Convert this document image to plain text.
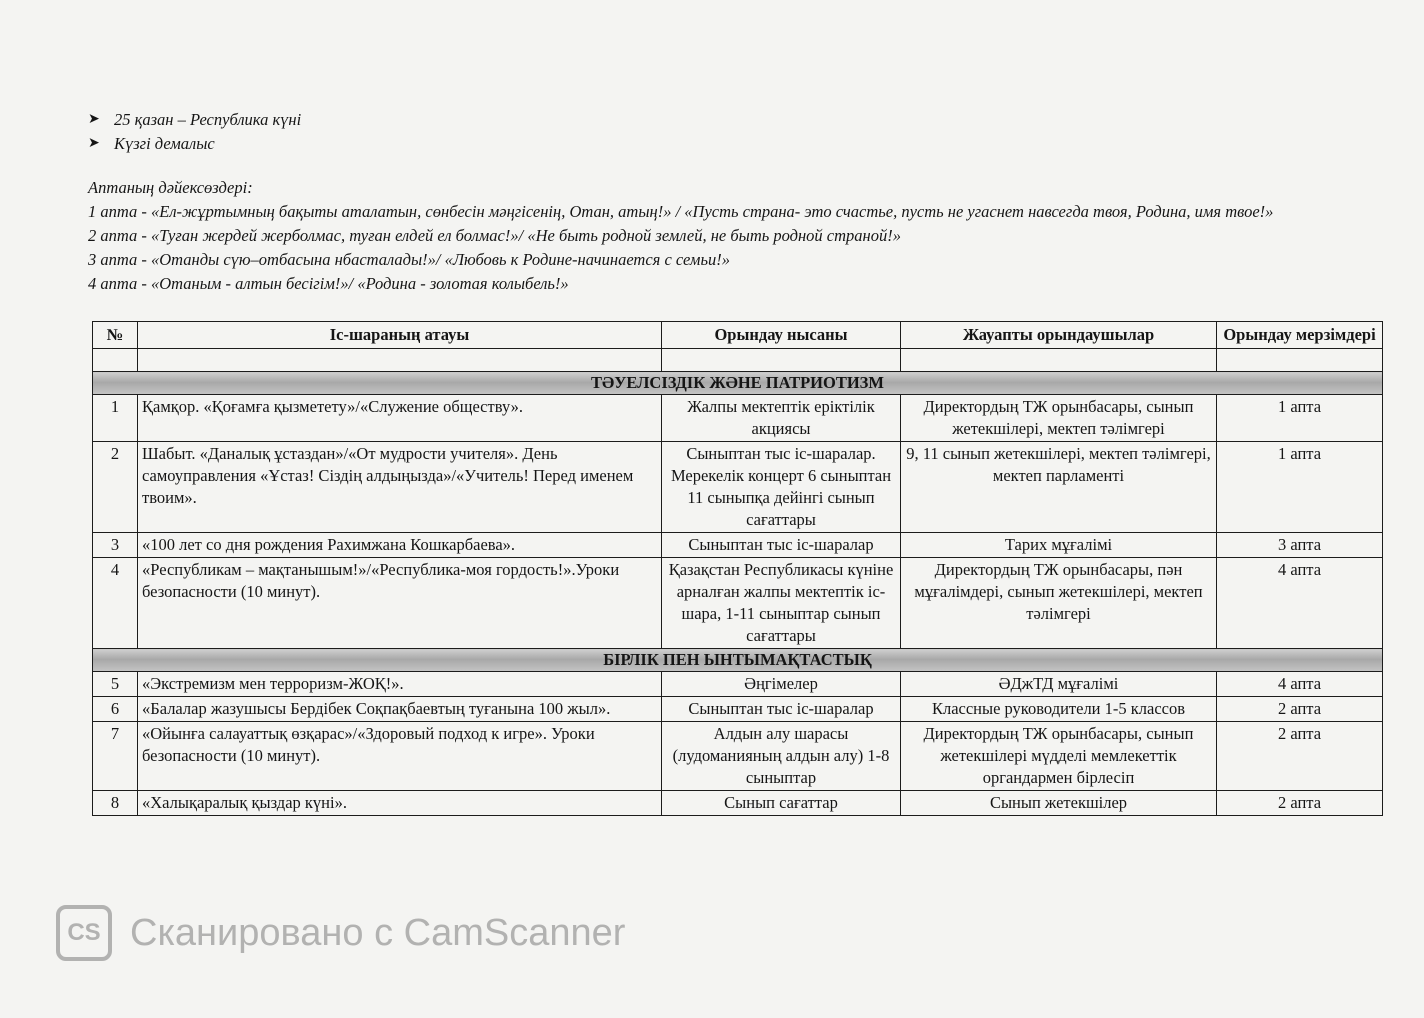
➤ 25 қазан – Республика күні
➤ Күзгі демалыс
Аптаның дәйексөздері:
1 апта - «Ел-жұртымның бақыты аталатын, сөнбесін мәңгісенің, Отан, атың!» / «Пусть страна- это счастье, пусть не угаснет навсегда твоя, Родина, имя твое!»
2 апта - «Туған жердей жерболмас, туған елдей ел болмас!»/ «Не быть родной землей, не быть родной страной!»
3 апта - «Отанды сүю–отбасына нбасталады!»/ «Любовь к Родине-начинается с семьи!»
4 апта - «Отаным - алтын бесігім!»/ «Родина - золотая колыбель!»
№	Іс-шараның атауы	Орындау нысаны	Жауапты орындаушылар	Орындау мерзімдері

ТӘУЕЛСІЗДІК ЖӘНЕ ПАТРИОТИЗМ				
1	Қамқор. «Қоғамға қызметету»/«Служение обществу».	Жалпы мектептік еріктілік акциясы	Директордың ТЖ орынбасары, сынып жетекшілері, мектеп тәлімгері	1 апта
2	Шабыт. «Даналық ұстаздан»/«От мудрости учителя». День самоуправления «Ұстаз! Сіздің алдыңызда»/«Учитель! Перед именем твоим».	Сыныптан тыс іс-шаралар. Мерекелік концерт 6 сыныптан 11 сыныпқа дейінгі сынып сағаттары	9, 11 сынып жетекшілері, мектеп тәлімгері, мектеп парламенті	1 апта
3	«100 лет со дня рождения Рахимжана Кошкарбаева».	Сыныптан тыс іс-шаралар	Тарих мұғалімі	3 апта
4	«Республикам – мақтанышым!»/«Республика-моя гордость!».Уроки безопасности (10 минут).	Қазақстан Республикасы күніне арналған жалпы мектептік іс-шара, 1-11 сыныптар сынып сағаттары	Директордың ТЖ орынбасары, пән мұғалімдері, сынып жетекшілері, мектеп тәлімгері	4 апта
БІРЛІК ПЕН ЫНТЫМАҚТАСТЫҚ				
5	«Экстремизм мен терроризм-ЖОҚ!».	Әңгімелер	ӘДжТД мұғалімі	4 апта
6	«Балалар жазушысы Бердібек Соқпақбаевтың туғанына 100 жыл».	Сыныптан тыс іс-шаралар	Классные руководители 1-5 классов	2 апта
7	«Ойынға салауаттық өзқарас»/«Здоровый подход к игре». Уроки безопасности (10 минут).	Алдын алу шарасы (лудоманияның алдын алу) 1-8 сыныптар	Директордың ТЖ орынбасары, сынып жетекшілері мүдделі мемлекеттік органдармен бірлесіп	2 апта
8	«Халықаралық қыздар күні».	Сынып сағаттар	Сынып жетекшілер	2 апта
CS Сканировано с CamScanner
